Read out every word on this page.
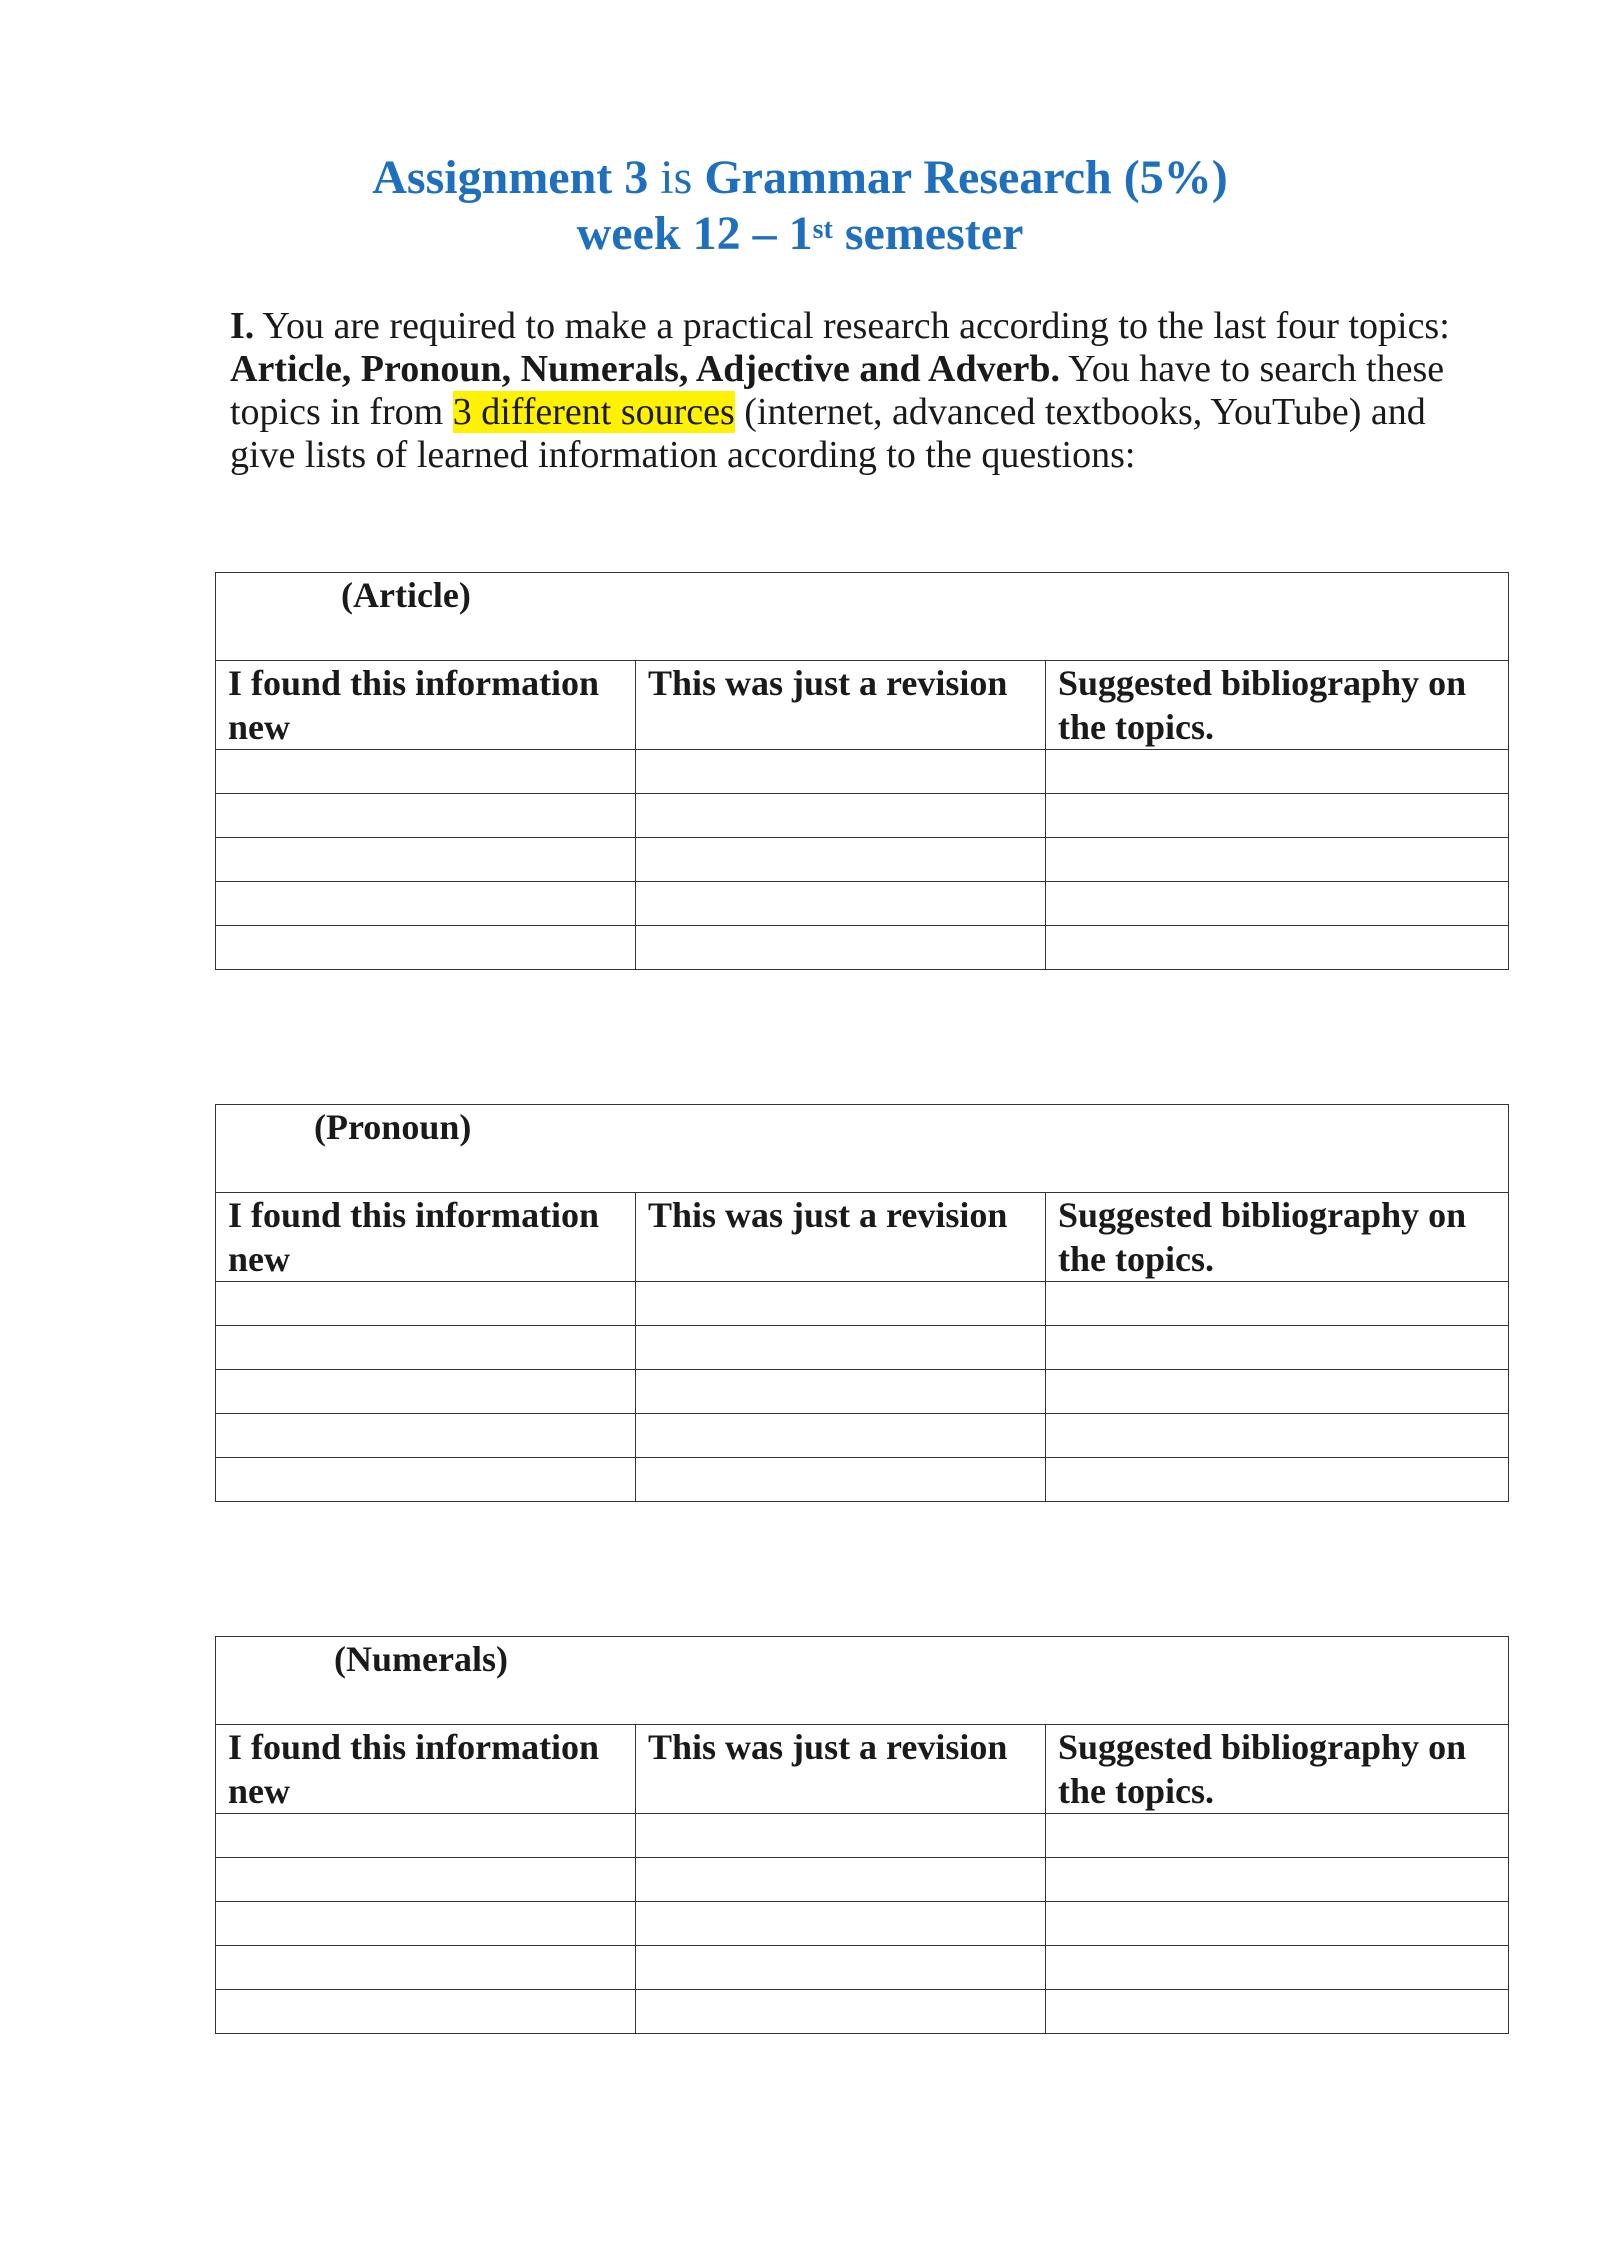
Assignment 3 is Grammar Research (5%)
week 12 – 1st semester
I. You are required to make a practical research according to the last four topics: Article, Pronoun, Numerals, Adjective and Adverb. You have to search these topics in from 3 different sources (internet, advanced textbooks, YouTube) and give lists of learned information according to the questions:
(Article)		
I found this information new	This was just a revision	Suggested bibliography on the topics.

(Pronoun)		
I found this information new	This was just a revision	Suggested bibliography on the topics.

(Numerals)		
I found this information new	This was just a revision	Suggested bibliography on the topics.
